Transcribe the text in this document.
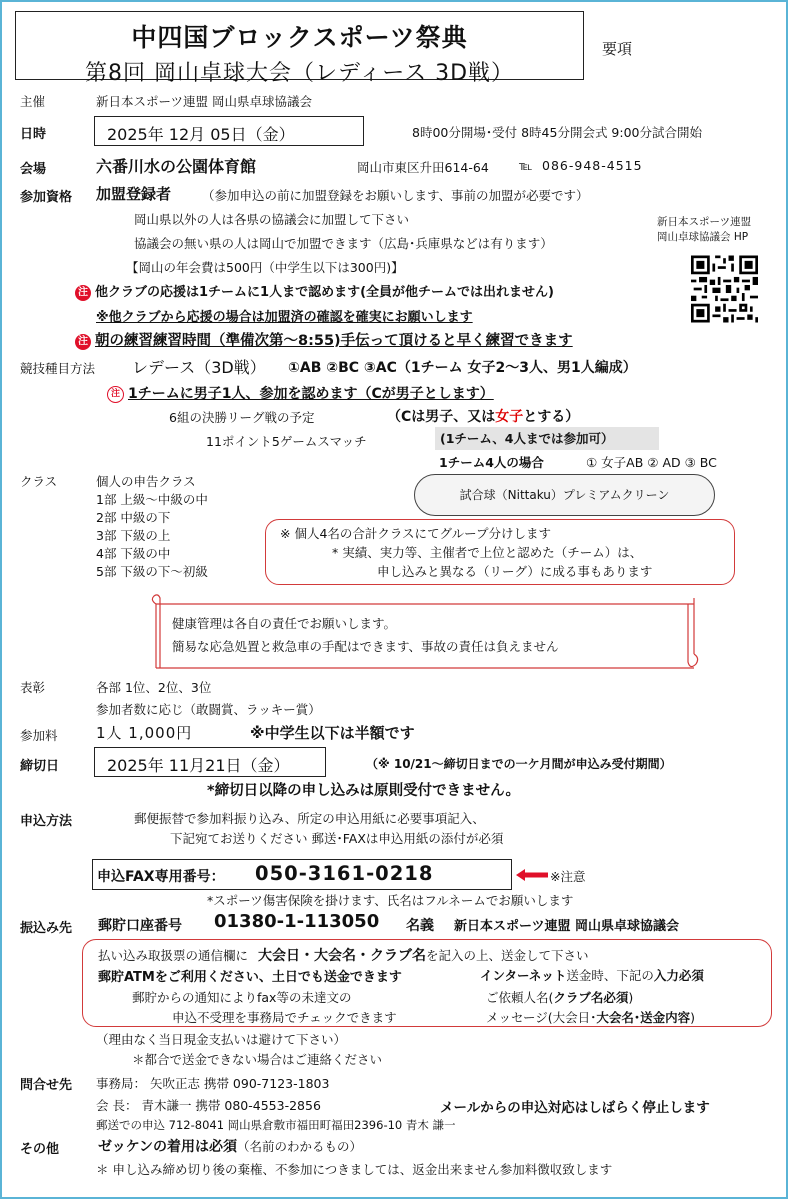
中四国ブロックスポーツ祭典
第8回 岡山卓球大会（レディース 3D戦）
要項
主催	新日本スポーツ連盟 岡山県卓球協議会
日時	2025年 12月 05日（金）	8時00分開場･受付 8時45分開会式 9:00分試合開始
会場	六番川水の公園体育館	岡山市東区升田614-64 ℡ 086-948-4515
参加資格 加盟登録者 （参加申込の前に加盟登録をお願いします、事前の加盟が必要です）
岡山県以外の人は各県の協議会に加盟して下さい
協議会の無い県の人は岡山で加盟できます（広島･兵庫県などは有ります）
【岡山の年会費は500円（中学生以下は300円)】
新日本スポーツ連盟
岡山卓球協議会 HP
注 他クラブの応援は1チームに1人まで認めます(全員が他チームでは出れません)
※他クラブから応援の場合は加盟済の確認を確実にお願いします
注 朝の練習練習時間（準備次第～8:55)手伝って頂けると早く練習できます
競技種目方法 レデース（3D戦） ①AB ②BC ③AC（1チーム 女子2～3人、男1人編成）
注 1チームに男子1人、参加を認めます（Cが男子とします）
6組の決勝リーグ戦の予定	（Cは男子、又は女子とする）
11ポイント5ゲームスマッチ	(1チーム、4人までは参加可）
1チーム4人の場合	① 女子AB ② AD ③ BC
クラス	個人の申告クラス
1部 上級～中級の中
2部 中級の下
3部 下級の上
4部 下級の中
5部 下級の下～初級
試合球（Nittaku）プレミアムクリーン
※ 個人4名の合計クラスにてグループ分けします
* 実績、実力等、主催者で上位と認めた（チーム）は、
申し込みと異なる（リーグ）に成る事もあります
健康管理は各自の責任でお願いします。
簡易な応急処置と救急車の手配はできます、事故の責任は負えません
表彰	各部 1位、2位、3位
参加者数に応じ（敢闘賞、ラッキー賞）
参加料	1人 1,000円	※中学生以下は半額です
締切日	2025年 11月21日（金）	（※ 10/21～締切日までの一ケ月間が申込み受付期間）
*締切日以降の申し込みは原則受付できません。
申込方法	郵便振替で参加料振り込み、所定の申込用紙に必要事項記入、
下記宛てお送りください 郵送･FAXは申込用紙の添付が必須
申込FAX専用番号： 050-3161-0218	※注意
*スポーツ傷害保険を掛けます、氏名はフルネームでお願いします
振込み先 郵貯口座番号 01380-1-113050 名義 新日本スポーツ連盟 岡山県卓球協議会
払い込み取扱票の通信欄に 大会日・大会名・クラブ名を記入の上、送金して下さい
郵貯ATMをご利用ください、土日でも送金できます	インターネット送金時、下記の入力必須
郵貯からの通知によりfax等の未達文の	ご依頼人名(クラブ名必須)
申込不受理を事務局でチェックできます	メッセージ(大会日･大会名･送金内容)
（理由なく当日現金支払いは避けて下さい）
＊都合で送金できない場合はご連絡ください
問合せ先 事務局： 矢吹正志 携帯 090-7123-1803
会 長： 青木謙一 携帯 080-4553-2856	メールからの申込対応はしばらく停止します
郵送での申込 712-8041 岡山県倉敷市福田町福田2396-10 青木 謙一
その他	ゼッケンの着用は必須（名前のわかるもの）
＊ 申し込み締め切り後の棄権、不参加につきましては、返金出来ません参加料徴収致します
